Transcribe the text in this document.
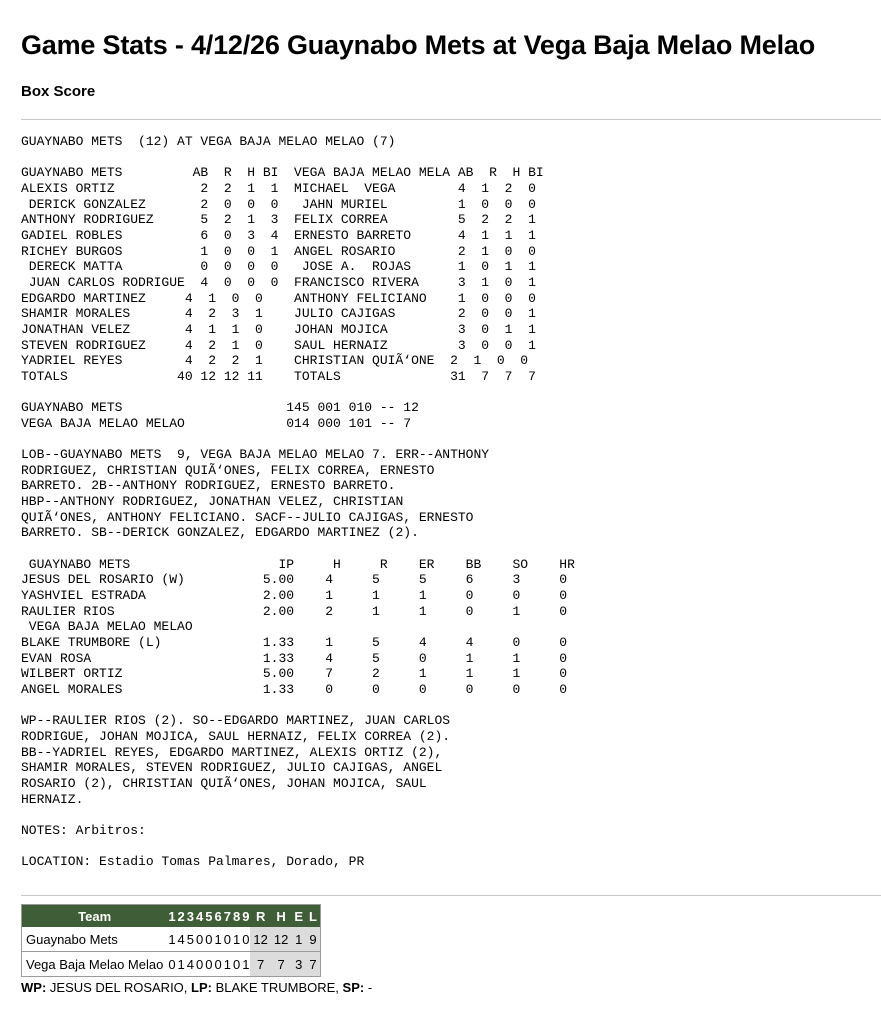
Game Stats - 4/12/26 Guaynabo Mets at Vega Baja Melao Melao
Box Score
GUAYNABO METS  (12) AT VEGA BAJA MELAO MELAO (7)

GUAYNABO METS         AB  R  H BI  VEGA BAJA MELAO MELA AB  R  H BI
ALEXIS ORTIZ           2  2  1  1  MICHAEL  VEGA        4  1  2  0
DERICK GONZALEZ       2  0  0  0   JAHN MURIEL         1  0  0  0
ANTHONY RODRIGUEZ      5  2  1  3  FELIX CORREA         5  2  2  1
GADIEL ROBLES          6  0  3  4  ERNESTO BARRETO      4  1  1  1
RICHEY BURGOS          1  0  0  1  ANGEL ROSARIO        2  1  0  0
DERECK MATTA          0  0  0  0   JOSE A.  ROJAS      1  0  1  1
JUAN CARLOS RODRIGUE  4  0  0  0  FRANCISCO RIVERA     3  1  0  1
EDGARDO MARTINEZ     4  1  0  0    ANTHONY FELICIANO    1  0  0  0
SHAMIR MORALES       4  2  3  1    JULIO CAJIGAS        2  0  0  1
JONATHAN VELEZ       4  1  1  0    JOHAN MOJICA         3  0  1  1
STEVEN RODRIGUEZ     4  2  1  0    SAUL HERNAIZ         3  0  0  1
YADRIEL REYES        4  2  2  1    CHRISTIAN QUIÃ‘ONE  2  1  0  0
TOTALS              40 12 12 11    TOTALS              31  7  7  7

GUAYNABO METS                     145 001 010 -- 12
VEGA BAJA MELAO MELAO             014 000 101 -- 7

LOB--GUAYNABO METS  9, VEGA BAJA MELAO MELAO 7. ERR--ANTHONY
RODRIGUEZ, CHRISTIAN QUIÃ‘ONES, FELIX CORREA, ERNESTO
BARRETO. 2B--ANTHONY RODRIGUEZ, ERNESTO BARRETO.
HBP--ANTHONY RODRIGUEZ, JONATHAN VELEZ, CHRISTIAN
QUIÃ‘ONES, ANTHONY FELICIANO. SACF--JULIO CAJIGAS, ERNESTO
BARRETO. SB--DERICK GONZALEZ, EDGARDO MARTINEZ (2).

GUAYNABO METS                   IP     H     R    ER    BB    SO    HR
JESUS DEL ROSARIO (W)          5.00    4     5     5     6     3     0
YASHVIEL ESTRADA               2.00    1     1     1     0     0     0
RAULIER RIOS                   2.00    2     1     1     0     1     0
VEGA BAJA MELAO MELAO
BLAKE TRUMBORE (L)             1.33    1     5     4     4     0     0
EVAN ROSA                      1.33    4     5     0     1     1     0
WILBERT ORTIZ                  5.00    7     2     1     1     1     0
ANGEL MORALES                  1.33    0     0     0     0     0     0

WP--RAULIER RIOS (2). SO--EDGARDO MARTINEZ, JUAN CARLOS
RODRIGUE, JOHAN MOJICA, SAUL HERNAIZ, FELIX CORREA (2).
BB--YADRIEL REYES, EDGARDO MARTINEZ, ALEXIS ORTIZ (2),
SHAMIR MORALES, STEVEN RODRIGUEZ, JULIO CAJIGAS, ANGEL
ROSARIO (2), CHRISTIAN QUIÃ‘ONES, JOHAN MOJICA, SAUL
HERNAIZ.

NOTES: Arbitros:

LOCATION: Estadio Tomas Palmares, Dorado, PR
Team	1	2	3	4	5	6	7	8	9	R	H	E	L
Guaynabo Mets	1	4	5	0	0	1	0	1	0	12	12	1	9
Vega Baja Melao Melao	0	1	4	0	0	0	1	0	1	7	7	3	7
WP: JESUS DEL ROSARIO, LP: BLAKE TRUMBORE, SP: -
